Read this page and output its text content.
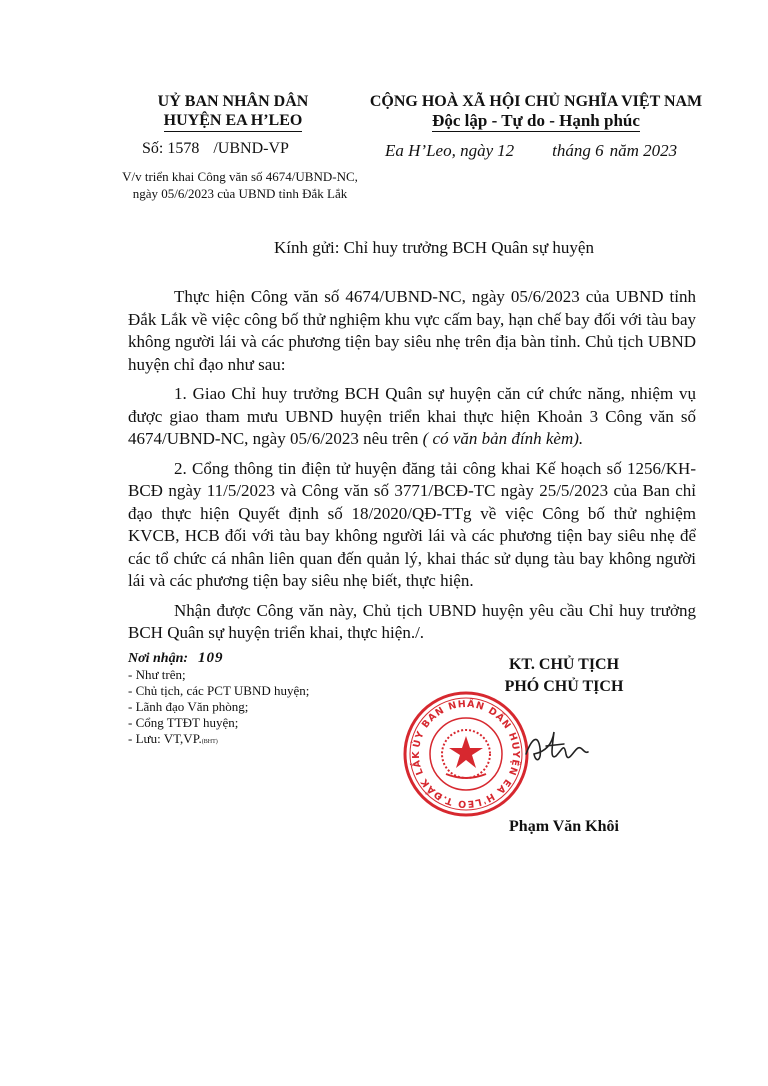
UỶ BAN NHÂN DÂN
HUYỆN EA H’LEO
CỘNG HOÀ XÃ HỘI CHỦ NGHĨA VIỆT NAM
Độc lập - Tự do - Hạnh phúc
Số: 1578 /UBND-VP	Ea H’Leo, ngày 12 tháng 6 năm 2023
V/v triển khai Công văn số 4674/UBND-NC, ngày 05/6/2023 của UBND tỉnh Đắk Lắk
Kính gửi: Chỉ huy trưởng BCH Quân sự huyện

Thực hiện Công văn số 4674/UBND-NC, ngày 05/6/2023 của UBND tỉnh Đắk Lắk về việc công bố thử nghiệm khu vực cấm bay, hạn chế bay đối với tàu bay không người lái và các phương tiện bay siêu nhẹ trên địa bàn tỉnh. Chủ tịch UBND huyện chỉ đạo như sau:

1. Giao Chỉ huy trưởng BCH Quân sự huyện căn cứ chức năng, nhiệm vụ được giao tham mưu UBND huyện triển khai thực hiện Khoản 3 Công văn số 4674/UBND-NC, ngày 05/6/2023 nêu trên ( có văn bản đính kèm).

2. Cổng thông tin điện tử huyện đăng tải công khai Kế hoạch số 1256/KH-BCĐ ngày 11/5/2023 và Công văn số 3771/BCĐ-TC ngày 25/5/2023 của Ban chỉ đạo thực hiện Quyết định số 18/2020/QĐ-TTg về việc Công bố thử nghiệm KVCB, HCB đối với tàu bay không người lái và các phương tiện bay siêu nhẹ để các tổ chức cá nhân liên quan đến quản lý, khai thác sử dụng tàu bay không người lái và các phương tiện bay siêu nhẹ biết, thực hiện.

Nhận được Công văn này, Chủ tịch UBND huyện yêu cầu Chỉ huy trưởng BCH Quân sự huyện triển khai, thực hiện./.

Nơi nhận: 109
- Như trên;
- Chủ tịch, các PCT UBND huyện;
- Lãnh đạo Văn phòng;
- Cổng TTĐT huyện;
- Lưu: VT,VP.(BHT)
KT. CHỦ TỊCH
PHÓ CHỦ TỊCH
ỦY BAN NHÂN DÂN HUYỆN EA H'LEO T.ĐẮK LẮK
Phạm Văn Khôi
